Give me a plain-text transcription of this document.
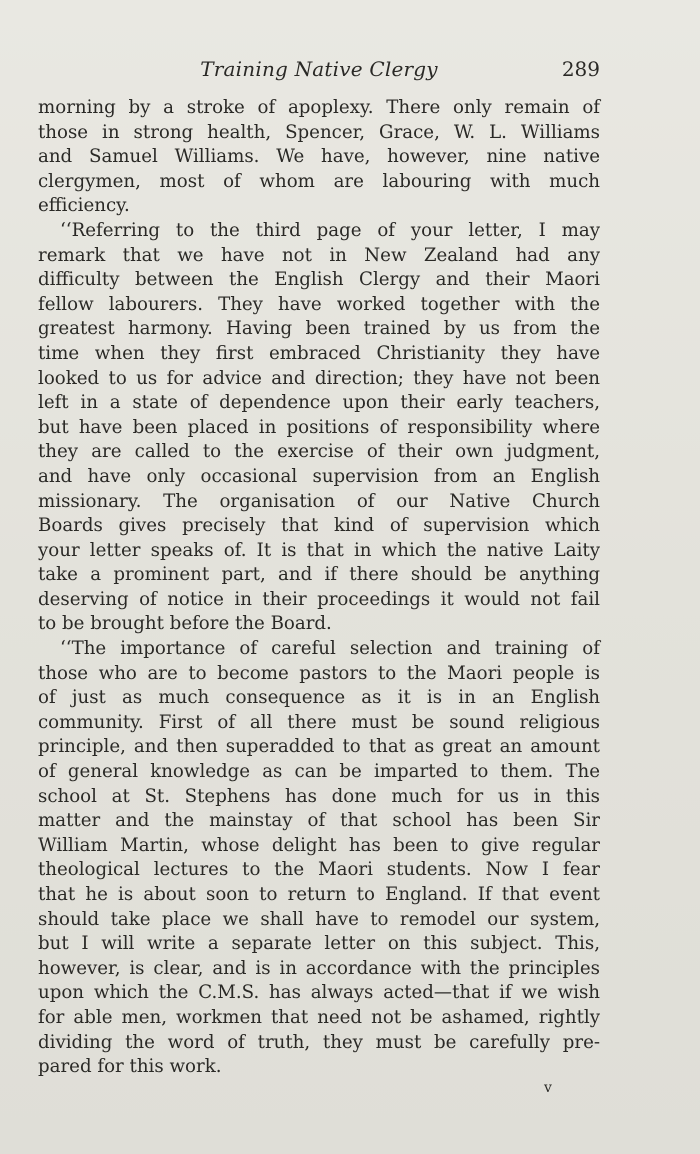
Training Native Clergy	289
morning by a stroke of apoplexy. There only remain of
those in strong health, Spencer, Grace, W. L. Williams
and Samuel Williams. We have, however, nine native
clergymen, most of whom are labouring with much
efficiency.
‘‘Referring to the third page of your letter, I may
remark that we have not in New Zealand had any
difficulty between the English Clergy and their Maori
fellow labourers. They have worked together with the
greatest harmony. Having been trained by us from the
time when they first embraced Christianity they have
looked to us for advice and direction; they have not been
left in a state of dependence upon their early teachers,
but have been placed in positions of responsibility where
they are called to the exercise of their own judgment,
and have only occasional supervision from an English
missionary. The organisation of our Native Church
Boards gives precisely that kind of supervision which
your letter speaks of. It is that in which the native Laity
take a prominent part, and if there should be anything
deserving of notice in their proceedings it would not fail
to be brought before the Board.
‘‘The importance of careful selection and training of
those who are to become pastors to the Maori people is
of just as much consequence as it is in an English
community. First of all there must be sound religious
principle, and then superadded to that as great an amount
of general knowledge as can be imparted to them. The
school at St. Stephens has done much for us in this
matter and the mainstay of that school has been Sir
William Martin, whose delight has been to give regular
theological lectures to the Maori students. Now I fear
that he is about soon to return to England. If that event
should take place we shall have to remodel our system,
but I will write a separate letter on this subject. This,
however, is clear, and is in accordance with the principles
upon which the C.M.S. has always acted—that if we wish
for able men, workmen that need not be ashamed, rightly
dividing the word of truth, they must be carefully pre-
pared for this work.
v
